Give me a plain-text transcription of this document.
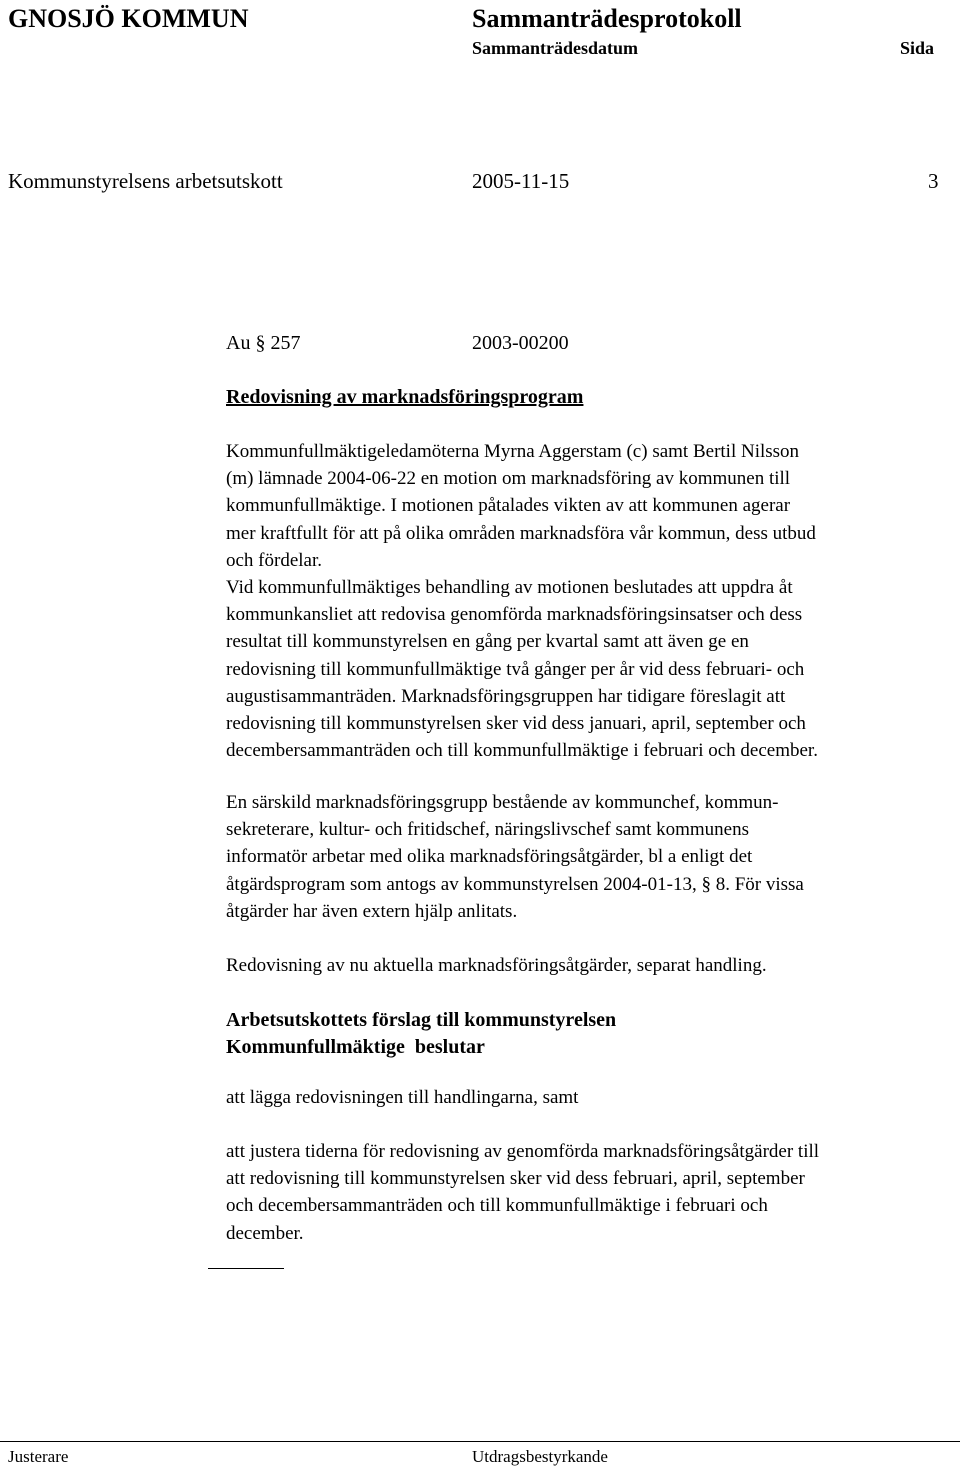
GNOSJÖ KOMMUN	Sammanträdesprotokoll
Sammanträdesdatum	Sida
Kommunstyrelsens arbetsutskott	2005-11-15	3
Au § 257	2003-00200
Redovisning av marknadsföringsprogram
Kommunfullmäktigeledamöterna Myrna Aggerstam (c) samt Bertil Nilsson
(m) lämnade 2004-06-22 en motion om marknadsföring av kommunen till
kommunfullmäktige. I motionen påtalades vikten av att kommunen agerar
mer kraftfullt för att på olika områden marknadsföra vår kommun, dess utbud
och fördelar.
Vid kommunfullmäktiges behandling av motionen beslutades att uppdra åt
kommunkansliet att redovisa genomförda marknadsföringsinsatser och dess
resultat till kommunstyrelsen en gång per kvartal samt att även ge en
redovisning till kommunfullmäktige två gånger per år vid dess februari- och
augustisammanträden. Marknadsföringsgruppen har tidigare föreslagit att
redovisning till kommunstyrelsen sker vid dess januari, april, september och
decembersammanträden och till kommunfullmäktige i februari och december.
En särskild marknadsföringsgrupp bestående av kommunchef, kommun-
sekreterare, kultur- och fritidschef, näringslivschef samt kommunens
informatör arbetar med olika marknadsföringsåtgärder, bl a enligt det
åtgärdsprogram som antogs av kommunstyrelsen 2004-01-13, § 8. För vissa
åtgärder har även extern hjälp anlitats.
Redovisning av nu aktuella marknadsföringsåtgärder, separat handling.
Arbetsutskottets förslag till kommunstyrelsen
Kommunfullmäktige  beslutar
att lägga redovisningen till handlingarna, samt
att justera tiderna för redovisning av genomförda marknadsföringsåtgärder till
att redovisning till kommunstyrelsen sker vid dess februari, april, september
och decembersammanträden och till kommunfullmäktige i februari och
december.
Justerare	Utdragsbestyrkande
